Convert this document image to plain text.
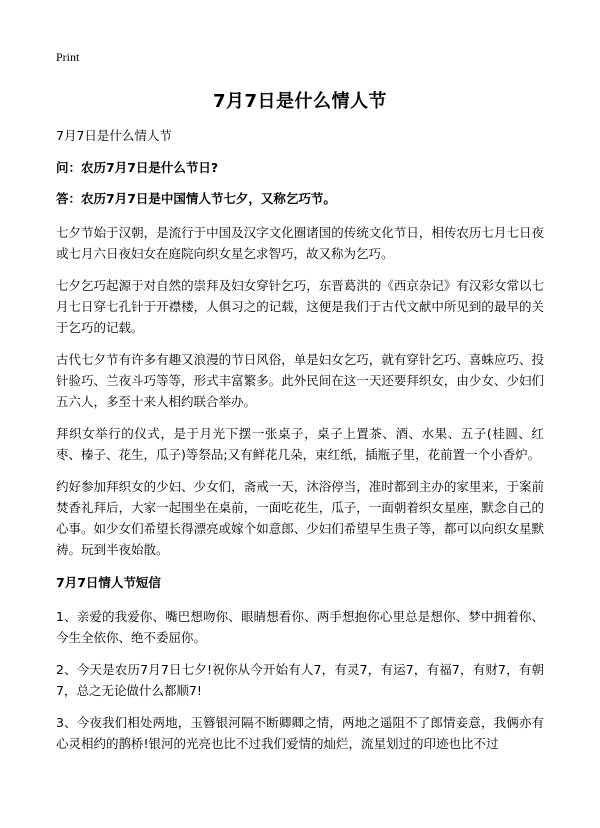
Print
7月7日是什么情人节
7月7日是什么情人节
问：农历7月7日是什么节日?
答：农历7月7日是中国情人节七夕，又称乞巧节。

七夕节始于汉朝，是流行于中国及汉字文化圈诸国的传统文化节日，相传农历七月七日夜或七月六日夜妇女在庭院向织女星乞求智巧，故又称为乞巧。

七夕乞巧起源于对自然的崇拜及妇女穿针乞巧，东晋葛洪的《西京杂记》有汉彩女常以七月七日穿七孔针于开襟楼，人俱习之的记载，这便是我们于古代文献中所见到的最早的关于乞巧的记载。

古代七夕节有许多有趣又浪漫的节日风俗，单是妇女乞巧，就有穿针乞巧、喜蛛应巧、投针验巧、兰夜斗巧等等，形式丰富繁多。此外民间在这一天还要拜织女，由少女、少妇们五六人，多至十来人相约联合举办。

拜织女举行的仪式，是于月光下摆一张桌子，桌子上置茶、酒、水果、五子(桂圆、红枣、榛子、花生，瓜子)等祭品;又有鲜花几朵，束红纸，插瓶子里，花前置一个小香炉。

约好参加拜织女的少妇、少女们，斋戒一天，沐浴停当，准时都到主办的家里来，于案前焚香礼拜后，大家一起围坐在桌前，一面吃花生，瓜子，一面朝着织女星座，默念自己的心事。如少女们希望长得漂亮或嫁个如意郎、少妇们希望早生贵子等，都可以向织女星默祷。玩到半夜始散。

7月7日情人节短信

1、亲爱的我爱你、嘴巴想吻你、眼睛想看你、两手想抱你心里总是想你、梦中拥着你、今生全依你、绝不委屈你。

2、今天是农历7月7日七夕!祝你从今开始有人7，有灵7，有运7，有福7，有财7，有朝7，总之无论做什么都顺7!

3、今夜我们相处两地，玉簪银河隔不断卿卿之情，两地之遥阻不了郎情妾意，我俩亦有心灵相约的鹊桥!银河的光亮也比不过我们爱情的灿烂，流星划过的印迹也比不过
